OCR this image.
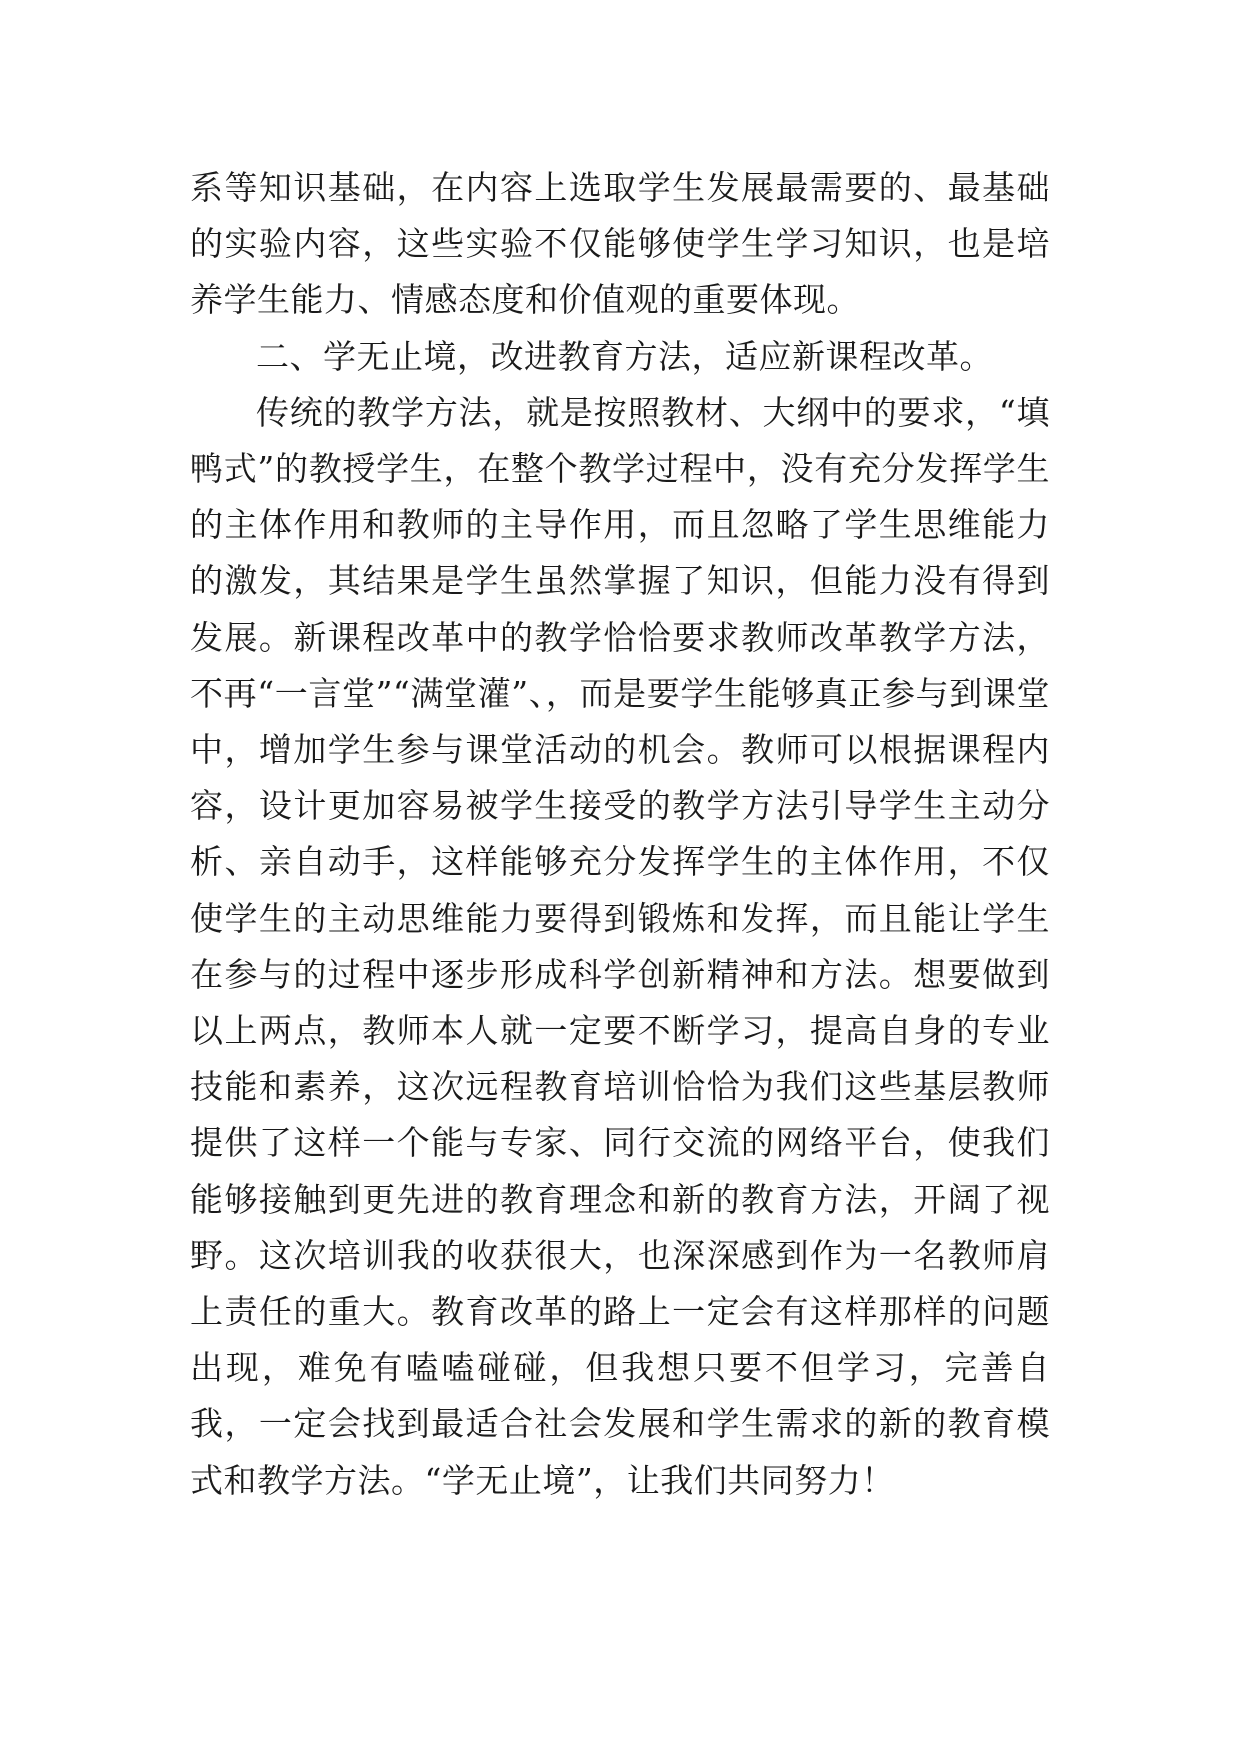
系等知识基础，在内容上选取学生发展最需要的、最基础的实验内容，这些实验不仅能够使学生学习知识，也是培养学生能力、情感态度和价值观的重要体现。

二、学无止境，改进教育方法，适应新课程改革。

传统的教学方法，就是按照教材、大纲中的要求，“填鸭式”的教授学生，在整个教学过程中，没有充分发挥学生的主体作用和教师的主导作用，而且忽略了学生思维能力的激发，其结果是学生虽然掌握了知识，但能力没有得到发展。新课程改革中的教学恰恰要求教师改革教学方法，不再“一言堂”“满堂灌”、，而是要学生能够真正参与到课堂中，增加学生参与课堂活动的机会。教师可以根据课程内容，设计更加容易被学生接受的教学方法引导学生主动分析、亲自动手，这样能够充分发挥学生的主体作用，不仅使学生的主动思维能力要得到锻炼和发挥，而且能让学生在参与的过程中逐步形成科学创新精神和方法。想要做到以上两点，教师本人就一定要不断学习，提高自身的专业技能和素养，这次远程教育培训恰恰为我们这些基层教师提供了这样一个能与专家、同行交流的网络平台，使我们能够接触到更先进的教育理念和新的教育方法，开阔了视野。这次培训我的收获很大，也深深感到作为一名教师肩上责任的重大。教育改革的路上一定会有这样那样的问题出现，难免有嗑嗑碰碰，但我想只要不但学习，完善自我，一定会找到最适合社会发展和学生需求的新的教育模式和教学方法。“学无止境”，让我们共同努力！
